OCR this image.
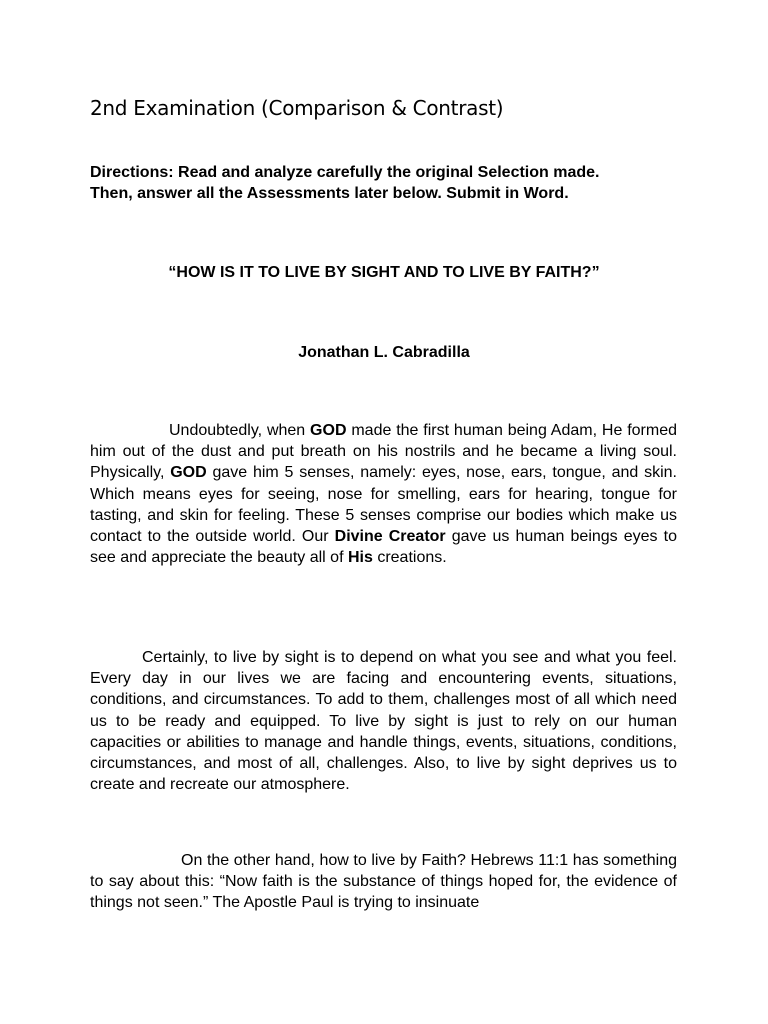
2nd Examination (Comparison & Contrast)

Directions: Read and analyze carefully the original Selection made.
Then, answer all the Assessments later below. Submit in Word.

“HOW IS IT TO LIVE BY SIGHT AND TO LIVE BY FAITH?”

Jonathan L. Cabradilla

Undoubtedly, when GOD made the first human being Adam, He formed him out of the dust and put breath on his nostrils and he became a living soul. Physically, GOD gave him 5 senses, namely: eyes, nose, ears, tongue, and skin. Which means eyes for seeing, nose for smelling, ears for hearing, tongue for tasting, and skin for feeling. These 5 senses comprise our bodies which make us contact to the outside world. Our Divine Creator gave us human beings eyes to see and appreciate the beauty all of His creations.

Certainly, to live by sight is to depend on what you see and what you feel. Every day in our lives we are facing and encountering events, situations, conditions, and circumstances. To add to them, challenges most of all which need us to be ready and equipped. To live by sight is just to rely on our human capacities or abilities to manage and handle things, events, situations, conditions, circumstances, and most of all, challenges. Also, to live by sight deprives us to create and recreate our atmosphere.

On the other hand, how to live by Faith? Hebrews 11:1 has something to say about this: “Now faith is the substance of things hoped for, the evidence of things not seen.” The Apostle Paul is trying to insinuate
